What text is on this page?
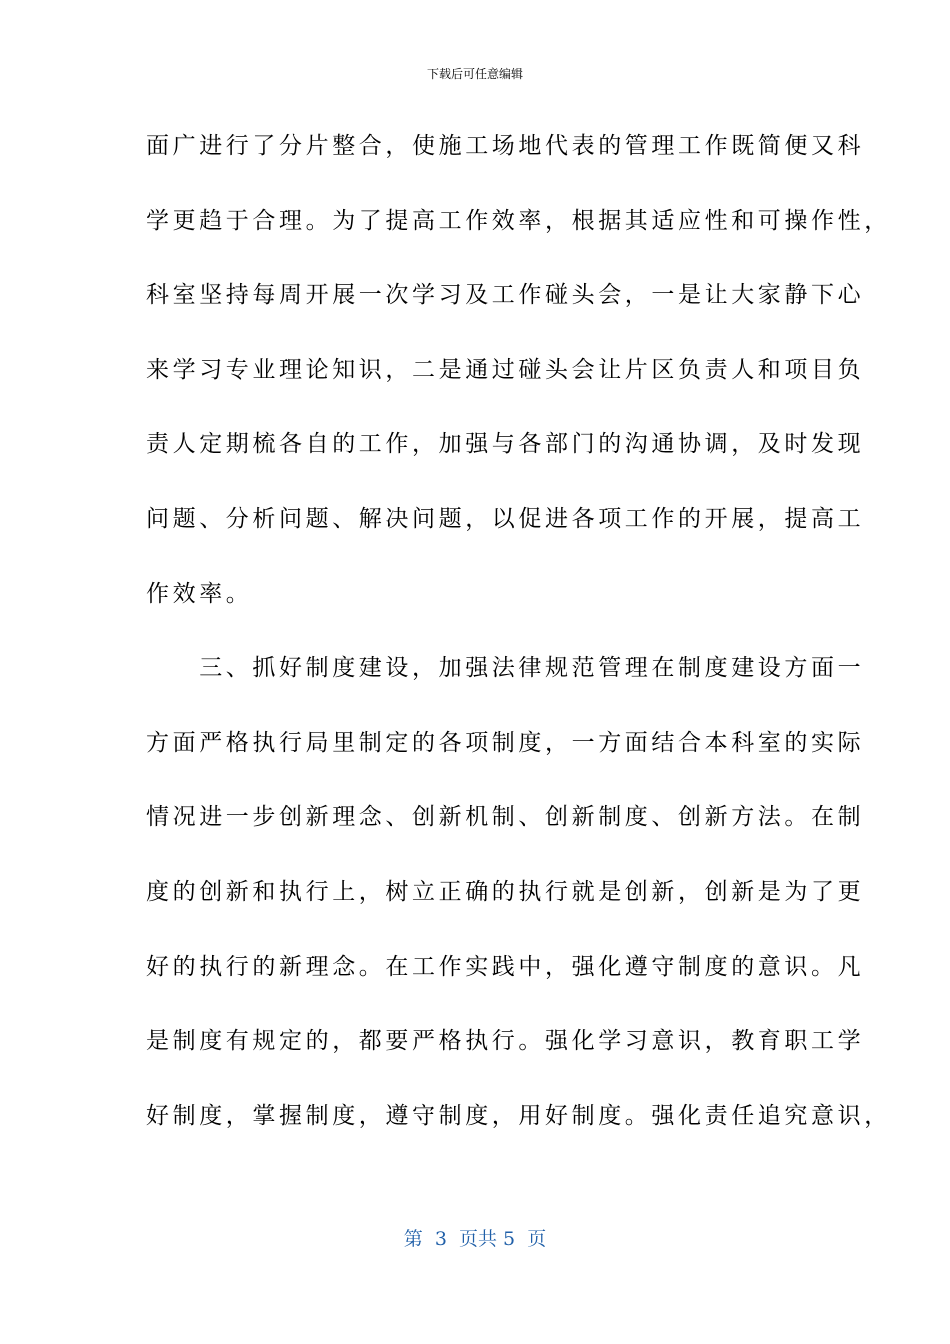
下载后可任意编辑
面广进行了分片整合，使施工场地代表的管理工作既简便又科
学更趋于合理。为了提高工作效率，根据其适应性和可操作性，
科室坚持每周开展一次学习及工作碰头会，一是让大家静下心
来学习专业理论知识，二是通过碰头会让片区负责人和项目负
责人定期梳各自的工作，加强与各部门的沟通协调，及时发现
问题、分析问题、解决问题，以促进各项工作的开展，提高工
作效率。
　　三、抓好制度建设，加强法律规范管理在制度建设方面一
方面严格执行局里制定的各项制度，一方面结合本科室的实际
情况进一步创新理念、创新机制、创新制度、创新方法。在制
度的创新和执行上，树立正确的执行就是创新，创新是为了更
好的执行的新理念。在工作实践中，强化遵守制度的意识。凡
是制度有规定的，都要严格执行。强化学习意识，教育职工学
好制度，掌握制度，遵守制度，用好制度。强化责任追究意识，
第  3  页共 5  页
